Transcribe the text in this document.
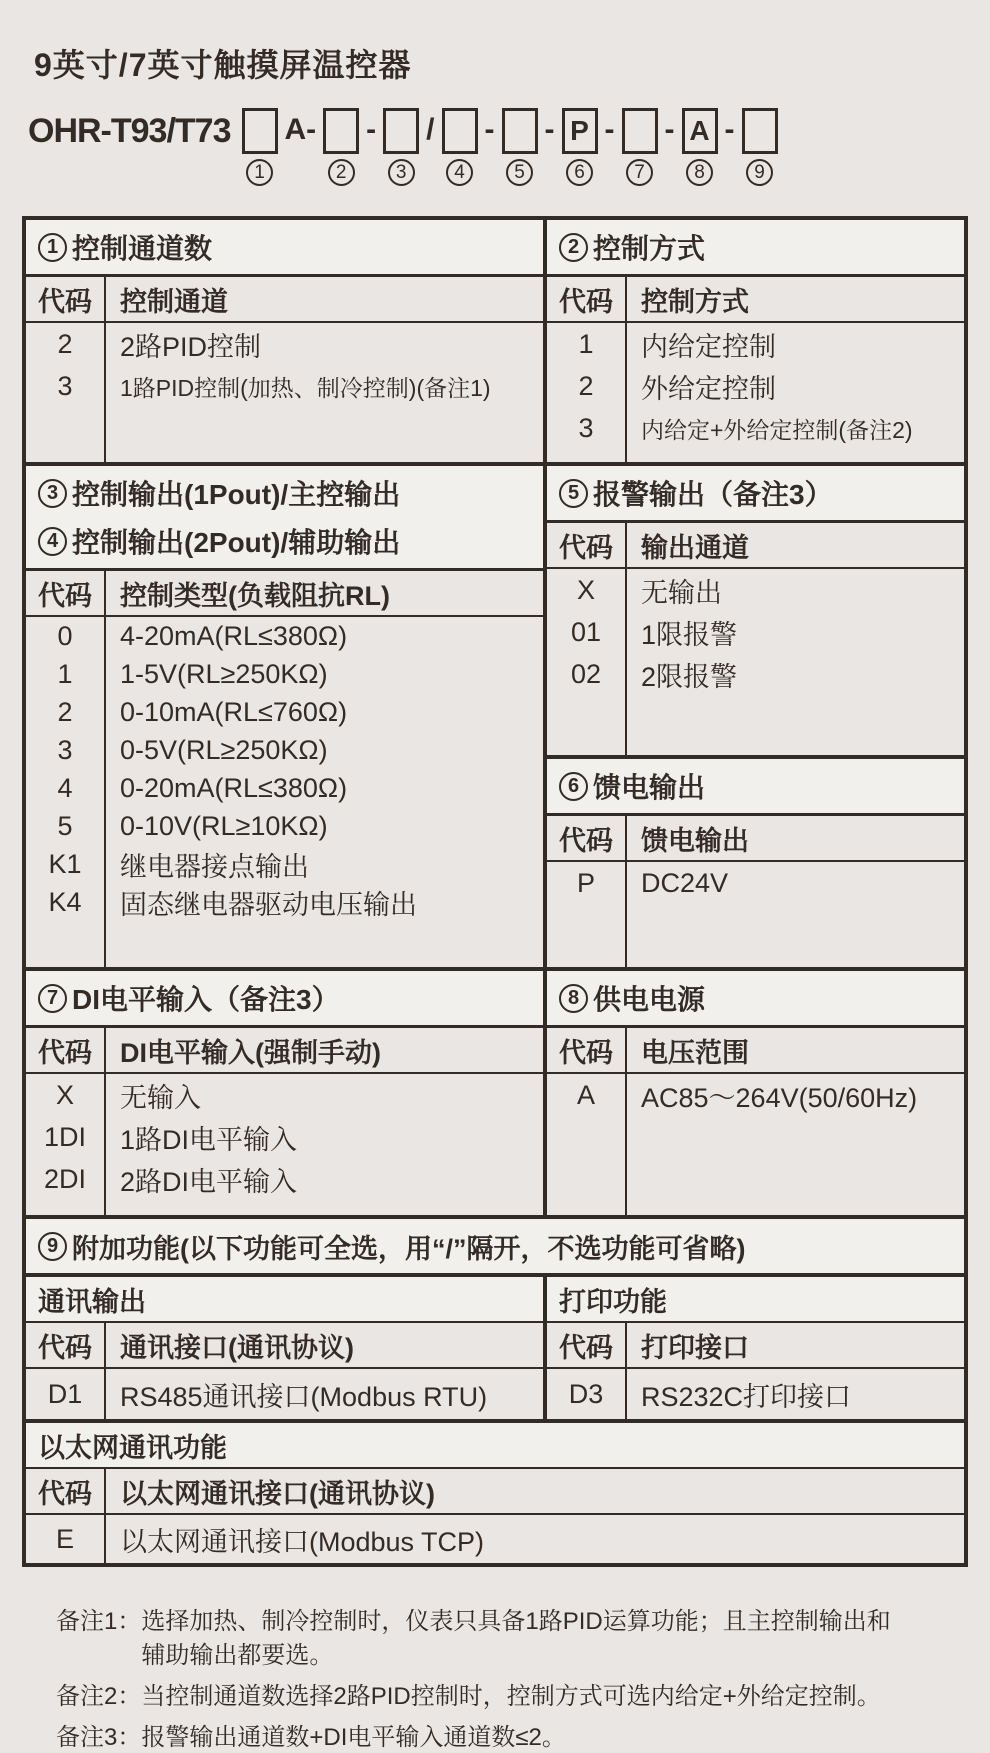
9英寸/7英寸触摸屏温控器
OHR-T93/T73
1
A-
2
-
3
/
4
-
5
- P
6
-
7
- A
8
-
9
1 控制通道数
代码
2
3
控制通道
2路PID控制
1路PID控制(加热、制冷控制)(备注1)
3 控制输出(1Pout)/主控输出
4 控制输出(2Pout)/辅助输出
代码
0
1
2
3
4
5
K1
K4
控制类型(负载阻抗RL)
4-20mA(RL≤380Ω)
1-5V(RL≥250KΩ)
0-10mA(RL≤760Ω)
0-5V(RL≥250KΩ)
0-20mA(RL≤380Ω)
0-10V(RL≥10KΩ)
继电器接点输出
固态继电器驱动电压输出
7 DI电平输入（备注3）
代码
X
1DI
2DI
DI电平输入(强制手动)
无输入
1路DI电平输入
2路DI电平输入
2 控制方式
代码
1
2
3
控制方式
内给定控制
外给定控制
内给定+外给定控制(备注2)
5 报警输出（备注3）
代码
X
01
02
输出通道
无输出
1限报警
2限报警
6 馈电输出
代码
P
馈电输出
DC24V
8 供电电源
代码
A
电压范围
AC85～264V(50/60Hz)
9 附加功能(以下功能可全选，用“/”隔开，不选功能可省略)
通讯输出
代码
D1
通讯接口(通讯协议)
RS485通讯接口(Modbus RTU)
打印功能
代码
D3
打印接口
RS232C打印接口
以太网通讯功能
代码
E
以太网通讯接口(通讯协议)
以太网通讯接口(Modbus TCP)
备注1： 选择加热、制冷控制时，仪表只具备1路PID运算功能；且主控制输出和辅助输出都要选。
备注2： 当控制通道数选择2路PID控制时，控制方式可选内给定+外给定控制。
备注3： 报警输出通道数+DI电平输入通道数≤2。
